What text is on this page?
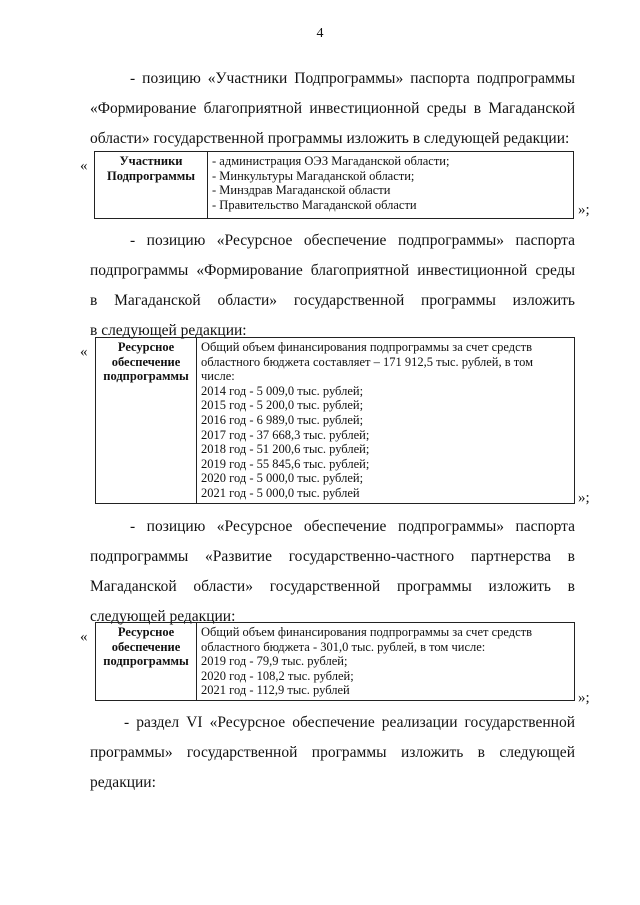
4
- позицию «Участники Подпрограммы» паспорта подпрограммы
«Формирование благоприятной инвестиционной среды в Магаданской
области» государственной программы изложить в следующей редакции:
«	Участники
Подпрограммы

- администрация ОЭЗ Магаданской области;
- Минкультуры Магаданской области;
- Минздрав Магаданской области
- Правительство Магаданской области	»;
- позицию «Ресурсное обеспечение подпрограммы» паспорта
подпрограммы «Формирование благоприятной инвестиционной среды
в Магаданской области» государственной программы изложить
в следующей редакции:
«	Ресурсное
обеспечение
подпрограммы

Общий объем финансирования подпрограммы за счет средств
областного бюджета составляет – 171 912,5 тыс. рублей, в том
числе:
2014 год - 5 009,0 тыс. рублей;
2015 год - 5 200,0 тыс. рублей;
2016 год - 6 989,0 тыс. рублей;
2017 год - 37 668,3 тыс. рублей;
2018 год - 51 200,6 тыс. рублей;
2019 год - 55 845,6 тыс. рублей;
2020 год - 5 000,0 тыс. рублей;
2021 год - 5 000,0 тыс. рублей	»;
- позицию «Ресурсное обеспечение подпрограммы» паспорта
подпрограммы «Развитие государственно-частного партнерства в
Магаданской области» государственной программы изложить в
следующей редакции:
«	Ресурсное
обеспечение
подпрограммы

Общий объем финансирования подпрограммы за счет средств
областного бюджета - 301,0 тыс. рублей, в том числе:
2019 год - 79,9 тыс. рублей;
2020 год - 108,2 тыс. рублей;
2021 год - 112,9 тыс. рублей	»;
- раздел VI «Ресурсное обеспечение реализации государственной
программы» государственной программы изложить в следующей
редакции:
